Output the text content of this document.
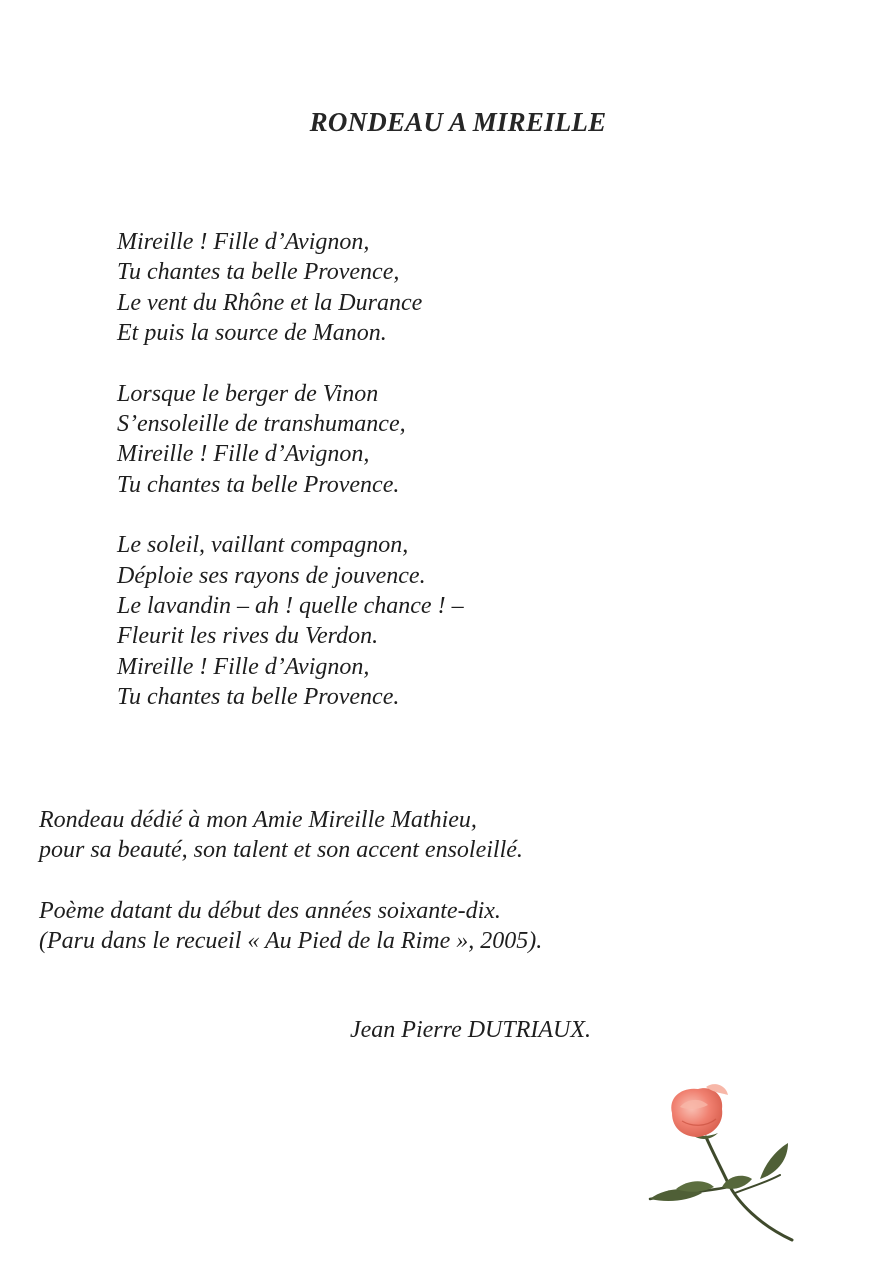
RONDEAU A MIREILLE
Mireille ! Fille d’Avignon,
Tu chantes ta belle Provence,
Le vent du Rhône et la Durance
Et puis la source de Manon.
Lorsque le berger de Vinon
S’ensoleille de transhumance,
Mireille ! Fille d’Avignon,
Tu chantes ta belle Provence.
Le soleil, vaillant compagnon,
Déploie ses rayons de jouvence.
Le lavandin – ah ! quelle chance ! –
Fleurit les rives du Verdon.
Mireille ! Fille d’Avignon,
Tu chantes ta belle Provence.
Rondeau dédié à mon Amie Mireille Mathieu,
pour sa beauté, son talent et son accent ensoleillé.
Poème datant du début des années soixante-dix.
(Paru dans le recueil « Au Pied de la Rime », 2005).

Jean Pierre DUTRIAUX.
